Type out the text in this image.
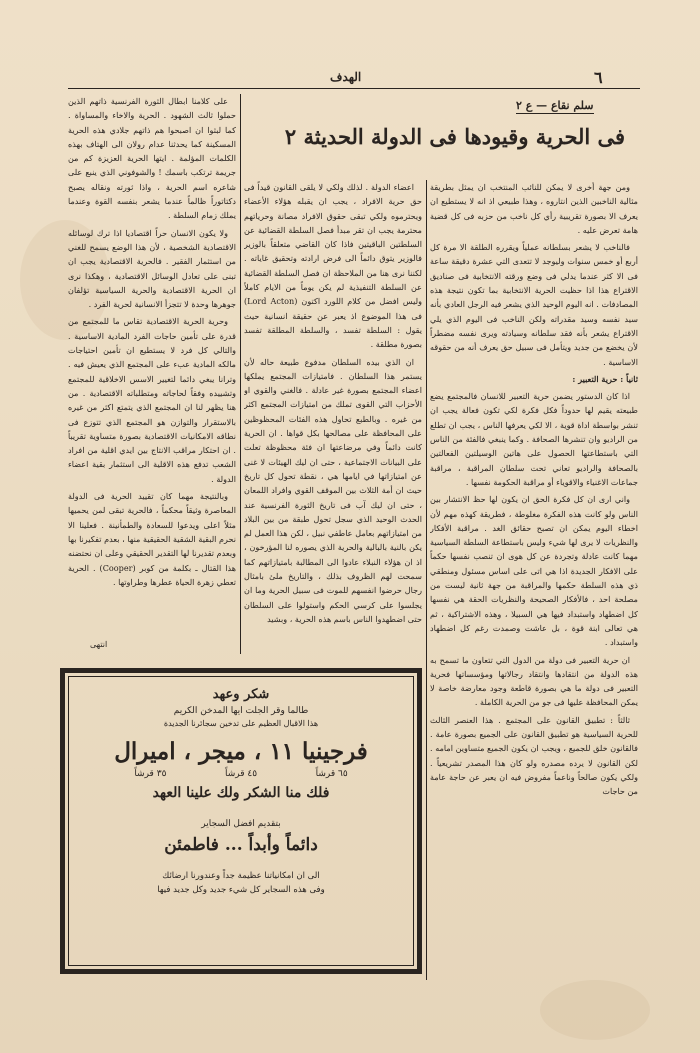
٦
الهدف
سلم نقاع — ع ٢
فى الحرية وقيودها فى الدولة الحديثة ٢

ومن جهة أخرى لا يمكن للنائب المنتخب ان يمثل بطريقة مثالية الناخبين الذين انتاروه ، وهذا طبيعي اذ انه لا يستطيع ان يعرف الا بصورة تقريبية رأي كل ناخب من حزبه فى كل قضية هامة تعرض عليه .

فالناخب لا يشعر بسلطانه عملياً ويقرره الطلقة الا مرة كل أربع أو خمس سنوات وليوجد لا تتعدى التي عشرة دقيقة ساعة فى الا كثر عندما يدلي فى وضع ورقته الانتخابية فى صناديق الاقتراع هذا اذا حظيت الحرية الانتخابية بما تكون نتيجة هذه المصادفات . انه اليوم الوحيد الذي يشعر فيه الرجل العادي بأنه سيد نفسه وسيد مقدراته ولكن الناخب فى اليوم الذي يلي الاقتراع يشعر بأنه فقد سلطانه وسيادته ويرى نفسه مضطراً لأن يخضع من جديد ويتأمل فى سبيل حق يعرف أنه من حقوقه الاساسية .

ثانياً : حرية التعبير :

اذا كان الدستور يضمن حرية التعبير للانسان فالمجتمع يضع طبيعته يقيم لها حدوداً فكل فكرة لكي تكون فعالة يجب ان تنشر بواسطة اداة قوية ، الا لكي يعرفها الناس ، يجب ان تطلع من الراديو وان تنشرها الصحافة . وكما ينبغي فالفئة من الناس التي باستطاعتها الحصول على هاتين الوسيلتين الفعالتين بالصحافة والراديو تعاني تحت سلطان المراقبة ، مراقبة جماعات الاغنياء والاقوياء أو مراقبة الحكومة نفسها .

واني ارى ان كل فكرة الحق ان يكون لها حظ الانتشار بين الناس ولو كانت هذه الفكرة مغلوطة ، فطريقة كهذه مهم لأن اخطاء اليوم يمكن ان تصبح حقائق الغد . مراقبة الأفكار والنظريات لا يرى لها شيء وليس باستطاعة السلطة السياسية مهما كانت عادلة وتجردة عن كل هوى ان تنصب نفسها حكماً على الافكار الجديدة اذا هي اتى على اساس مسئول ومنطقي ذي هذه السلطة حكمها والمراقبة من جهة ثانية ليست من مصلحة احد ، فالأفكار الصحيحة والنظريات الحقة هي نفسها كل اضطهاد واستبداد فيها هي السبيلا ، وهذه الاشتراكية ، ثم هي تعالى ابنة قوة ، بل عاشت وصمدت رغم كل اضطهاد واستبداد .

ان حرية التعبير فى دولة من الدول التي تتعاون ما تسمح به هذه الدولة من انتقادها وانتقاد رجالاتها ومؤسساتها فحرية التعبير فى دولة ما هي بصورة قاطعة وجود معارضة خاصة لا يمكن المحافظة عليها فى جو من الحرية الكاملة .

ثالثاً : تطبيق القانون على المجتمع . هذا العنصر الثالث للحرية السياسية هو تطبيق القانون على الجميع بصورة عامة . فالقانون خلق للجميع ، ويجب ان يكون الجميع متساوين امامه . لكن القانون لا يرده مصدره ولو كان هذا المصدر تشريعياً . ولكي يكون صالحاً وناعماً مفروض فيه ان يعبر عن حاجة عامة من حاجات

اعضاء الدولة . لذلك ولكي لا يلقى القانون قيداً فى حق حرية الافراد ، يجب ان يقبله هؤلاء الأعضاء ويحترموه ولكي تبقى حقوق الافراد مصانة وحرياتهم محترمة يجب ان تقر مبدأ فصل السلطة القضائية عن السلطتين الباقيتين فاذا كان القاضي متعلقاً بالوزير فالوزير يتوق دائماً الى فرض ارادته وتحقيق غاياته . لكننا نرى هنا من الملاحظة ان فصل السلطة القضائية عن السلطة التنفيذية لم يكن يوماً من الايام كاملاً وليس افضل من كلام اللورد اكتون (Lord Acton) فى هذا الموضوع اذ يعبر عن حقيقة انسانية حيث يقول : السلطة تفسد ، والسلطة المطلقة تفسد بصورة مطلقة .

ان الذي بيده السلطان مدفوع طبيعة حاله لأن يستمر هذا السلطان . فامتيازات المجتمع يملكها اعضاء المجتمع بصورة غير عادلة . فالغني والقوي او الأحزاب التي القوى تملك من امتيازات المجتمع اكثر من غيره . وبالطبع تحاول هذه الفئات المحظوظين على المحافظة على مصالحها بكل قواها . ان الحرية كانت دائماً وفي مرضاعتها ان فئة محظوظة تعلت على البيانات الاجتماعية ، حتى ان ليك الهيئات لا غنى عن امتيازاتها في ايامها هي ، نقطة تحول كل تاريخ حيث ان أمة الثلاث بين الموقف القوي وافراد اللمعان ، حتى ان ليك آب فى تاريخ الثورة الفرنسية عند الحدث الوحيد الذي سجل تحول طبقة من بين البلاد من امتيازاتهم بعامل عاطفي نبيل ، لكن هذا العمل لم يكن بالنية بالبالية والحرية الذي يصوره لنا المؤرخون ، اذ ان هؤلاء النبلاء عادوا الى المطالبة بامتيازاتهم كما سمحت لهم الظروف بذلك ، والتاريخ ملئ بامثال رجال حرضوا انفسهم للموت فى سبيل الحرية وما ان يجلسوا على كرسي الحكم واستولوا على السلطان حتى اضطهدوا الناس باسم هذه الحرية ، وبشيد

على كلامنا ابطال الثورة الفرنسية ذاتهم الذين حملوا ثالث الشهود . الحرية والاخاء والمساواة . كما لبثوا ان اصبحوا هم ذاتهم جلادي هذه الحرية المسكينة كما يحدثنا عدام رولان الى الهتاف بهذه الكلمات المؤلمة . ايتها الحرية العزيزة كم من جريمة ترتكب باسمك ! والشوفوني الذي ينبع على شاعره اسم الحرية ، واذا ثورته ونقاله يصبح دكتاتوراً ظالماً عندما يشعر بنفسه القوة وعندما يملك زمام السلطة .

ولا يكون الانسان حراً اقتصاديا اذا ترك لوسائله الاقتصادية الشخصية ، لأن هذا الوضع يسمح للغني من استثمار الفقير . فالحرية الاقتصادية يجب ان تبنى على تعادل الوسائل الاقتصادية ، وهكذا نرى ان الحرية الاقتصادية والحرية السياسية تؤلفان جوهرها وحدة لا تتجزأ الانسانية لحرية الفرد .

وحرية الحرية الاقتصادية تقاس ما للمجتمع من قدرة على تأمين حاجات الفرد المادية الاساسية . والتالي كل فرد لا يستطيع ان تأمين احتياجات مالكه المادية عبء على المجتمع الذي يعيش فيه . وترانا يبغي دائما لتغيير الاسس الاخلاقية للمجتمع وتشييده وفقاً لحاجاته ومتطلباته الاقتصادية . من هنا يظهر لنا ان المجتمع الذي يتمتع اكثر من غيره بالاستقرار والتوازن هو المجتمع الذي تتوزع فى نطاقه الامكانيات الاقتصادية بصورة متساوية تقريباً . ان احتكار مراقب الانتاج بين ايدي اقلية من افراد الشعب تدفع هذه الاقلية الى استثمار بقية اعضاء الدولة .

وبالنتيجة مهما كان تقييد الحرية فى الدولة المعاصرة وثيقاً محكماً ، فالحرية تبقى لمن يحميها مثلاً اعلى ويدعوا للسعادة والطمأنينة . فعلينا الا نحرم البقية الشقية الحقيقية منها ، بعدم تفكيرنا بها وبعدم تقديرنا لها التقدير الحقيقي وعلى ان نحتضنه هذا القتال ـ بكلمة من كوبر (Cooper) . الحرية تعطي زهرة الحياة عطرها وطراوتها .

انتهى
شكر وعهد
طالما وقر الجلت ايها المدخن الكريم
هذا الاقبال العظيم على تدخين سجائرنا الجديدة
فرجينيا ١١ ، ميجر ، اميرال
٦٥ قرشاً
٤٥ قرشاً
٣٥ قرشاً
فلك منا الشكر ولك علينا العهد
بتقديم افضل السجاير
دائماً وأبداً ... فاطمئن
الى ان امكانياتنا عظيمة جداً وعندورنا ارضائك
وفى هذه السجاير كل شيء جديد وكل جديد فيها
